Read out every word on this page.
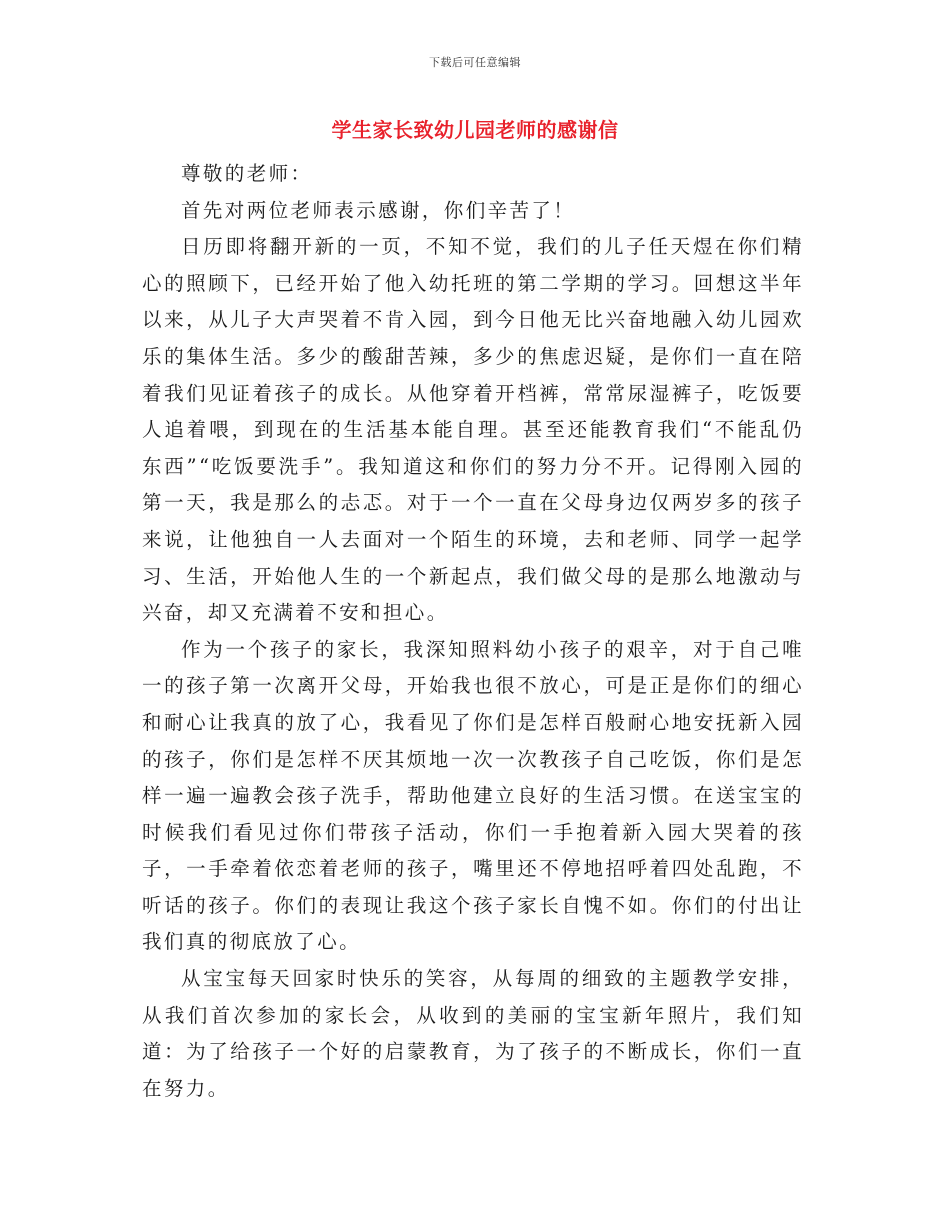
下载后可任意编辑
学生家长致幼儿园老师的感谢信

尊敬的老师：

首先对两位老师表示感谢，你们辛苦了！

日历即将翻开新的一页，不知不觉，我们的儿子任天煜在你们精心的照顾下，已经开始了他入幼托班的第二学期的学习。回想这半年以来，从儿子大声哭着不肯入园，到今日他无比兴奋地融入幼儿园欢乐的集体生活。多少的酸甜苦辣，多少的焦虑迟疑，是你们一直在陪着我们见证着孩子的成长。从他穿着开档裤，常常尿湿裤子，吃饭要人追着喂，到现在的生活基本能自理。甚至还能教育我们“不能乱仍东西”“吃饭要洗手”。我知道这和你们的努力分不开。记得刚入园的第一天，我是那么的忐忑。对于一个一直在父母身边仅两岁多的孩子来说，让他独自一人去面对一个陌生的环境，去和老师、同学一起学习、生活，开始他人生的一个新起点，我们做父母的是那么地激动与兴奋，却又充满着不安和担心。

作为一个孩子的家长，我深知照料幼小孩子的艰辛，对于自己唯一的孩子第一次离开父母，开始我也很不放心，可是正是你们的细心和耐心让我真的放了心，我看见了你们是怎样百般耐心地安抚新入园的孩子，你们是怎样不厌其烦地一次一次教孩子自己吃饭，你们是怎样一遍一遍教会孩子洗手，帮助他建立良好的生活习惯。在送宝宝的时候我们看见过你们带孩子活动，你们一手抱着新入园大哭着的孩子，一手牵着依恋着老师的孩子，嘴里还不停地招呼着四处乱跑，不听话的孩子。你们的表现让我这个孩子家长自愧不如。你们的付出让我们真的彻底放了心。

从宝宝每天回家时快乐的笑容，从每周的细致的主题教学安排，从我们首次参加的家长会，从收到的美丽的宝宝新年照片，我们知道：为了给孩子一个好的启蒙教育，为了孩子的不断成长，你们一直在努力。
